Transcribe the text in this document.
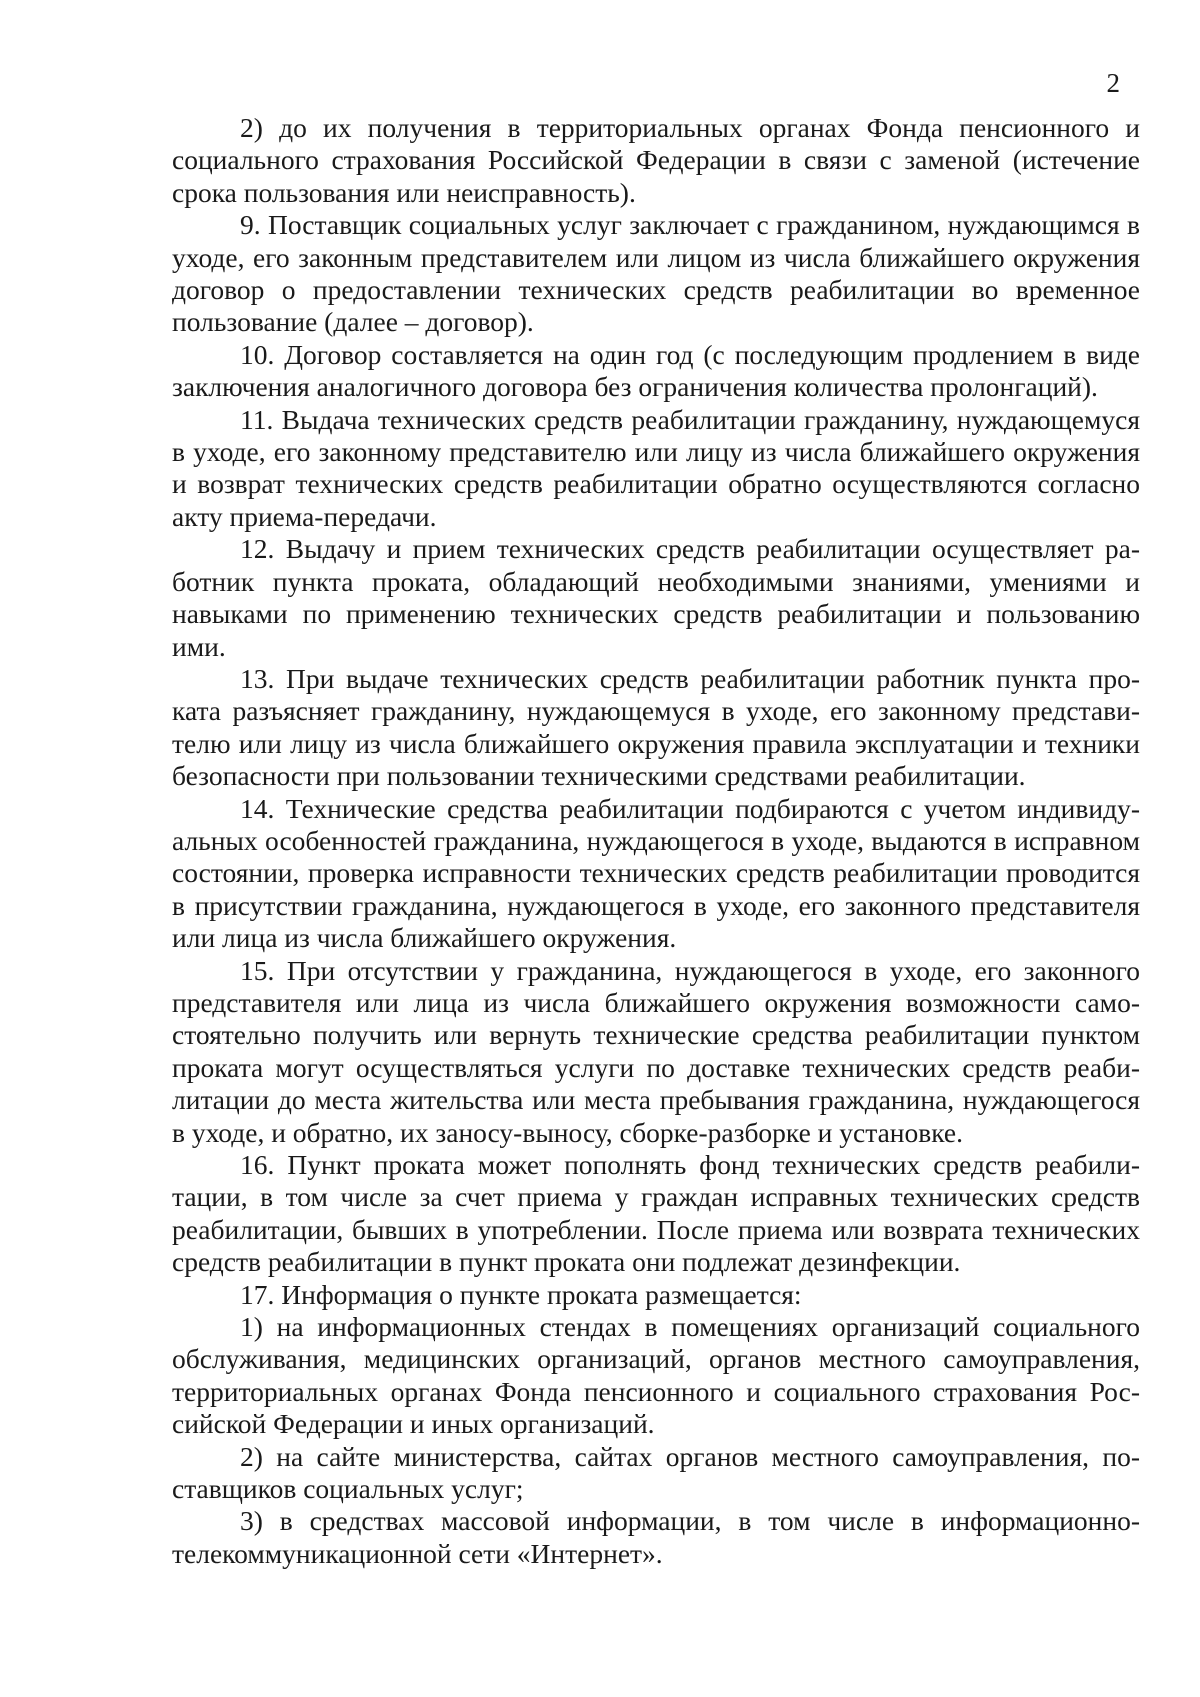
2

2) до их получения в территориальных органах Фонда пенсионного и социального страхования Российской Федерации в связи с заменой (истечение срока пользования или неисправность).

9. Поставщик социальных услуг заключает с гражданином, нуждающимся в уходе, его законным представителем или лицом из числа ближайшего окружения договор о предоставлении технических средств реабилитации во временное пользование (далее – договор).

10. Договор составляется на один год (с последующим продлением в виде заключения аналогичного договора без ограничения количества пролонгаций).

11. Выдача технических средств реабилитации гражданину, нуждающемуся в уходе, его законному представителю или лицу из числа ближайшего окружения и возврат технических средств реабилитации обратно осуществляются согласно акту приема-передачи.

12. Выдачу и прием технических средств реабилитации осуществляет работник пункта проката, обладающий необходимыми знаниями, умениями и навыками по применению технических средств реабилитации и пользованию ими.

13. При выдаче технических средств реабилитации работник пункта проката разъясняет гражданину, нуждающемуся в уходе, его законному представителю или лицу из числа ближайшего окружения правила эксплуатации и техники безопасности при пользовании техническими средствами реабилитации.

14. Технические средства реабилитации подбираются с учетом индивидуальных особенностей гражданина, нуждающегося в уходе, выдаются в исправном состоянии, проверка исправности технических средств реабилитации проводится в присутствии гражданина, нуждающегося в уходе, его законного представителя или лица из числа ближайшего окружения.

15. При отсутствии у гражданина, нуждающегося в уходе, его законного представителя или лица из числа ближайшего окружения возможности самостоятельно получить или вернуть технические средства реабилитации пунктом проката могут осуществляться услуги по доставке технических средств реабилитации до места жительства или места пребывания гражданина, нуждающегося в уходе, и обратно, их заносу-выносу, сборке-разборке и установке.

16. Пункт проката может пополнять фонд технических средств реабилитации, в том числе за счет приема у граждан исправных технических средств реабилитации, бывших в употреблении. После приема или возврата технических средств реабилитации в пункт проката они подлежат дезинфекции.

17. Информация о пункте проката размещается:

1) на информационных стендах в помещениях организаций социального обслуживания, медицинских организаций, органов местного самоуправления, территориальных органах Фонда пенсионного и социального страхования Российской Федерации и иных организаций.

2) на сайте министерства, сайтах органов местного самоуправления, поставщиков социальных услуг;

3) в средствах массовой информации, в том числе в информационно-телекоммуникационной сети «Интернет».
